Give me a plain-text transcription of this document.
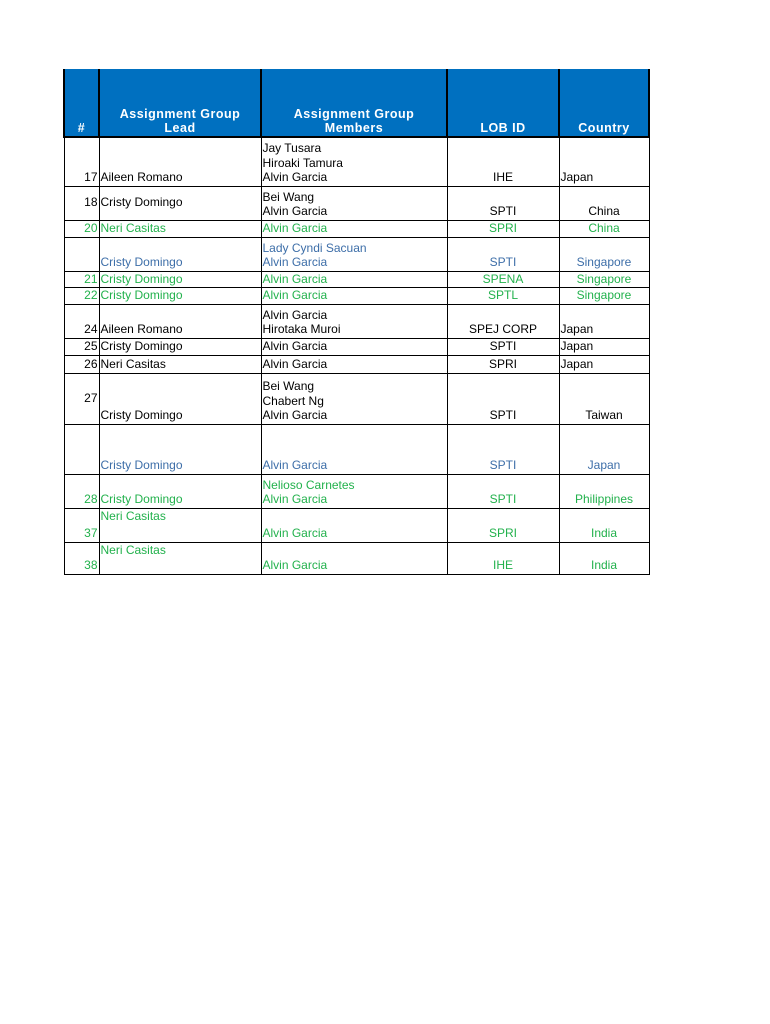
#	Assignment Group Lead	Assignment Group Members	LOB ID	Country
17	Aileen Romano	Jay Tusara
Hiroaki Tamura
Alvin Garcia	IHE	Japan
18	Cristy Domingo	Bei Wang
Alvin Garcia	SPTI	China
20	Neri Casitas	Alvin Garcia	SPRI	China
	Cristy Domingo	Lady Cyndi Sacuan
Alvin Garcia	SPTI	Singapore
21	Cristy Domingo	Alvin Garcia	SPENA	Singapore
22	Cristy Domingo	Alvin Garcia	SPTL	Singapore
24	Aileen Romano	Alvin Garcia
Hirotaka Muroi	SPEJ CORP	Japan
25	Cristy Domingo	Alvin Garcia	SPTI	Japan
26	Neri Casitas	Alvin Garcia	SPRI	Japan
27	Cristy Domingo	Bei Wang
Chabert Ng
Alvin Garcia	SPTI	Taiwan
	Cristy Domingo	Alvin Garcia	SPTI	Japan
28	Cristy Domingo	Nelioso Carnetes
Alvin Garcia	SPTI	Philippines
37	Neri Casitas	Alvin Garcia	SPRI	India
38	Neri Casitas	Alvin Garcia	IHE	India
